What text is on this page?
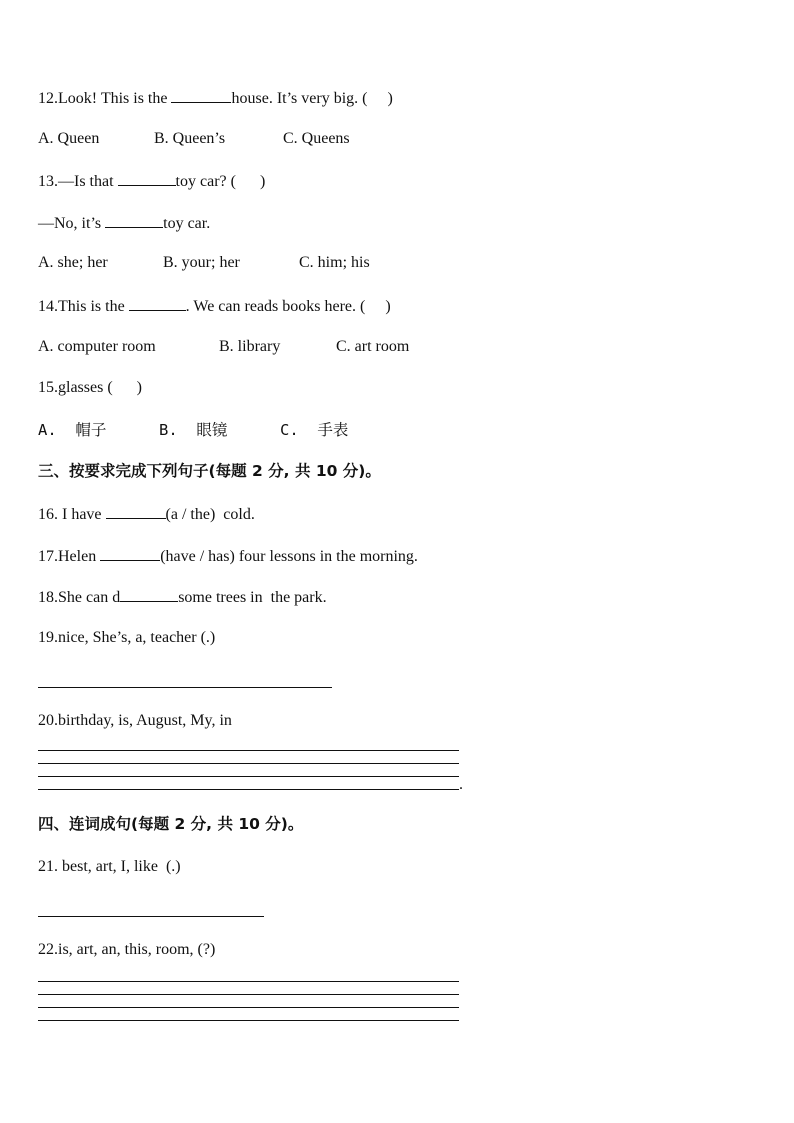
12.Look! This is the	house. It’s very big. (     )
A. Queen	B. Queen’s	C. Queens
13.—Is that	toy car? (      )
—No, it’s	toy car.
A. she; her	B. your; her	C. him; his
14.This is the	. We can reads books here. (     )
A. computer room	B. library	C. art room
15.glasses (      )
A.  帽子	B.  眼镜	C.  手表
三、按要求完成下列句子(每题 2 分, 共 10 分)。
16. I have	(a / the)  cold.
17.Helen	(have / has) four lessons in the morning.
18.She can d	some trees in  the park.
19.nice, She’s, a, teacher (.)
20.birthday, is, August, My, in
.
四、连词成句(每题 2 分, 共 10 分)。
21. best, art, I, like  (.)
22.is, art, an, this, room, (?)
